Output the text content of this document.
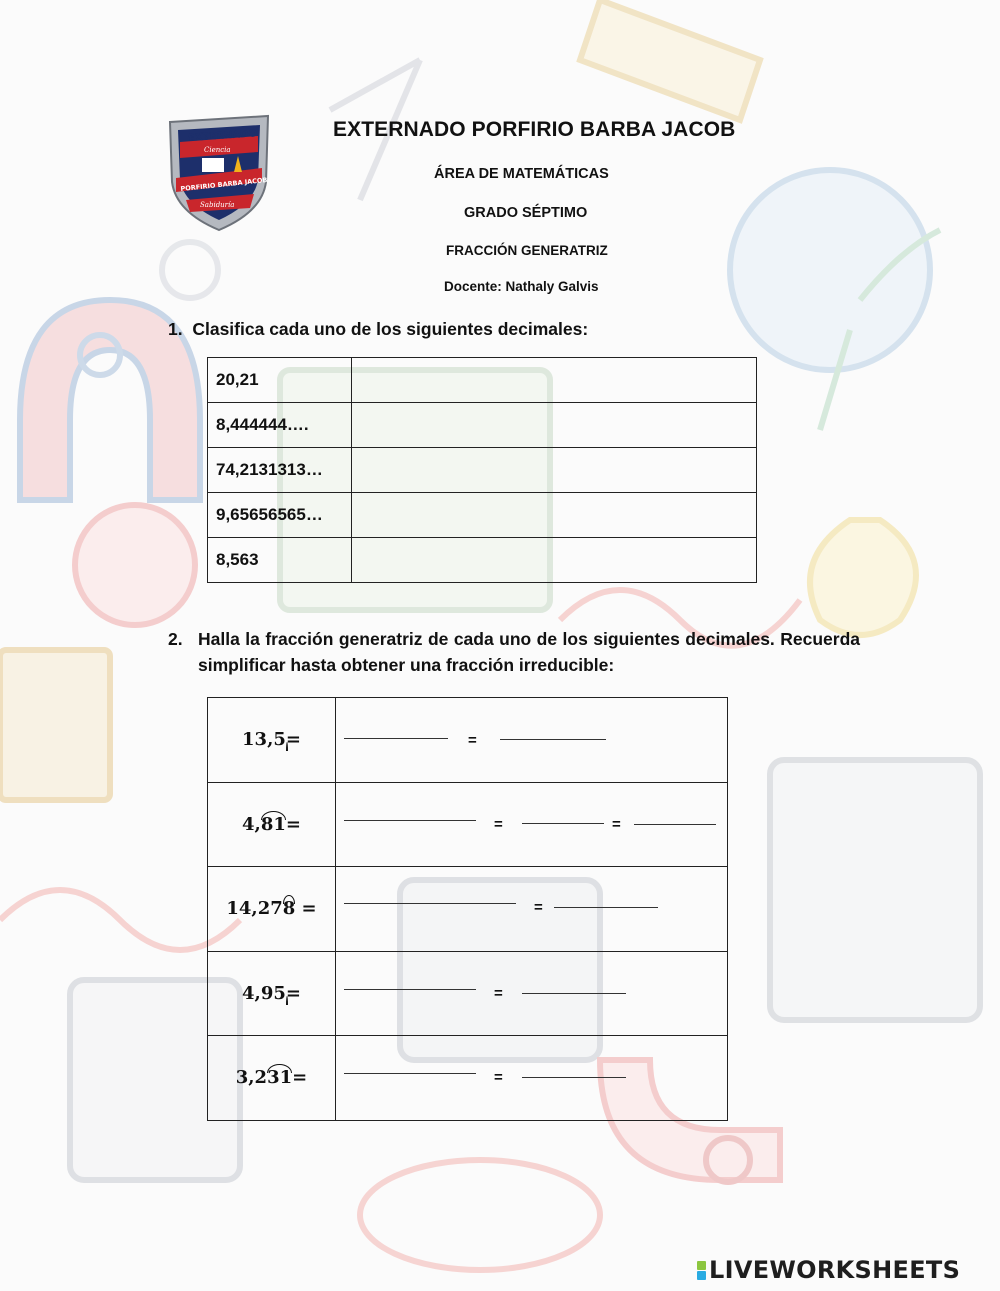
EXTERNADO
Ciencia
PORFIRIO BARBA JACOB
Sabiduría
EXTERNADO PORFIRIO BARBA JACOB
ÁREA DE MATEMÁTICAS
GRADO SÉPTIMO
FRACCIÓN GENERATRIZ
Docente: Nathaly Galvis
1. Clasifica cada uno de los siguientes decimales:
20,21	
8,444444….	
74,2131313…	
9,65656565…	
8,563	
2. Halla la fracción generatriz de cada uno de los siguientes decimales. Recuerda simplificar hasta obtener una fracción irreducible:
13,5=	=

4,81=	= =

14,278 =	=

4,95=	=

3,231=	=
LIVEWORKSHEETS
